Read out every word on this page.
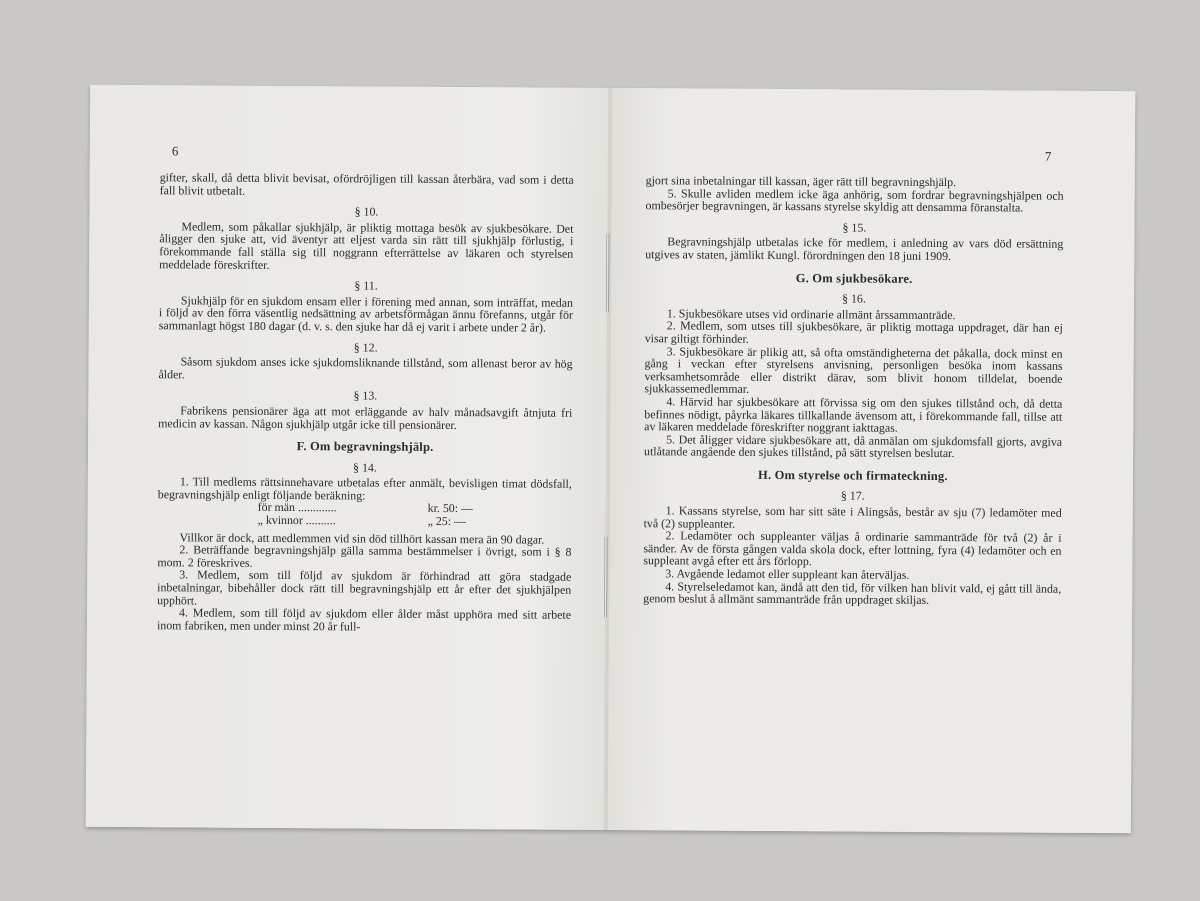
6

gifter, skall, då detta blivit bevisat, ofördröjligen till kassan återbära, vad som i detta fall blivit utbetalt.

§ 10.

Medlem, som påkallar sjukhjälp, är pliktig mottaga besök av sjukbesökare. Det åligger den sjuke att, vid äventyr att eljest varda sin rätt till sjukhjälp förlustig, i förekommande fall ställa sig till noggrann efterrättelse av läkaren och styrelsen meddelade föreskrifter.

§ 11.

Sjukhjälp för en sjukdom ensam eller i förening med annan, som inträffat, medan i följd av den förra väsentlig nedsättning av arbetsförmågan ännu förefanns, utgår för sammanlagt högst 180 dagar (d. v. s. den sjuke har då ej varit i arbete under 2 år).

§ 12.

Såsom sjukdom anses icke sjukdomsliknande tillstånd, som allenast beror av hög ålder.

§ 13.

Fabrikens pensionärer äga att mot erläggande av halv månadsavgift åtnjuta fri medicin av kassan. Någon sjukhjälp utgår icke till pensionärer.

F. Om begravningshjälp.
§ 14.

1. Till medlems rättsinnehavare utbetalas efter anmält, bevisligen timat dödsfall, begravningshjälp enligt följande beräkning:

för män .............	kr. 50: —
„ kvinnor ..........	„ 25: —

Villkor är dock, att medlemmen vid sin död tillhört kassan mera än 90 dagar.

2. Beträffande begravningshjälp gälla samma bestämmelser i övrigt, som i § 8 mom. 2 föreskrives.

3. Medlem, som till följd av sjukdom är förhindrad att göra stadgade inbetalningar, bibehåller dock rätt till begravningshjälp ett år efter det sjukhjälpen upphört.

4. Medlem, som till följd av sjukdom eller ålder måst upphöra med sitt arbete inom fabriken, men under minst 20 år full-

7

gjort sina inbetalningar till kassan, äger rätt till begravningshjälp.

5. Skulle avliden medlem icke äga anhörig, som fordrar begravningshjälpen och ombesörjer begravningen, är kassans styrelse skyldig att densamma föranstalta.

§ 15.

Begravningshjälp utbetalas icke för medlem, i anledning av vars död ersättning utgives av staten, jämlikt Kungl. förordningen den 18 juni 1909.

G. Om sjukbesökare.
§ 16.

1. Sjukbesökare utses vid ordinarie allmänt årssammanträde.

2. Medlem, som utses till sjukbesökare, är pliktig mottaga uppdraget, där han ej visar giltigt förhinder.

3. Sjukbesökare är plikig att, så ofta omständigheterna det påkalla, dock minst en gång i veckan efter styrelsens anvisning, personligen besöka inom kassans verksamhetsområde eller distrikt därav, som blivit honom tilldelat, boende sjukkassemedlemmar.

4. Härvid har sjukbesökare att förvissa sig om den sjukes tillstånd och, då detta befinnes nödigt, påyrka läkares tillkallande ävensom att, i förekommande fall, tillse att av läkaren meddelade föreskrifter noggrant iakttagas.

5. Det åligger vidare sjukbesökare att, då anmälan om sjukdomsfall gjorts, avgiva utlåtande angående den sjukes tillstånd, på sätt styrelsen beslutar.

H. Om styrelse och firmateckning.
§ 17.

1. Kassans styrelse, som har sitt säte i Alingsås, består av sju (7) ledamöter med två (2) suppleanter.

2. Ledamöter och suppleanter väljas å ordinarie sammanträde för två (2) år i sänder. Av de första gången valda skola dock, efter lottning, fyra (4) ledamöter och en suppleant avgå efter ett års förlopp.

3. Avgående ledamot eller suppleant kan återväljas.

4. Styrelseledamot kan, ändå att den tid, för vilken han blivit vald, ej gått till ända, genom beslut å allmänt sammanträde från uppdraget skiljas.
